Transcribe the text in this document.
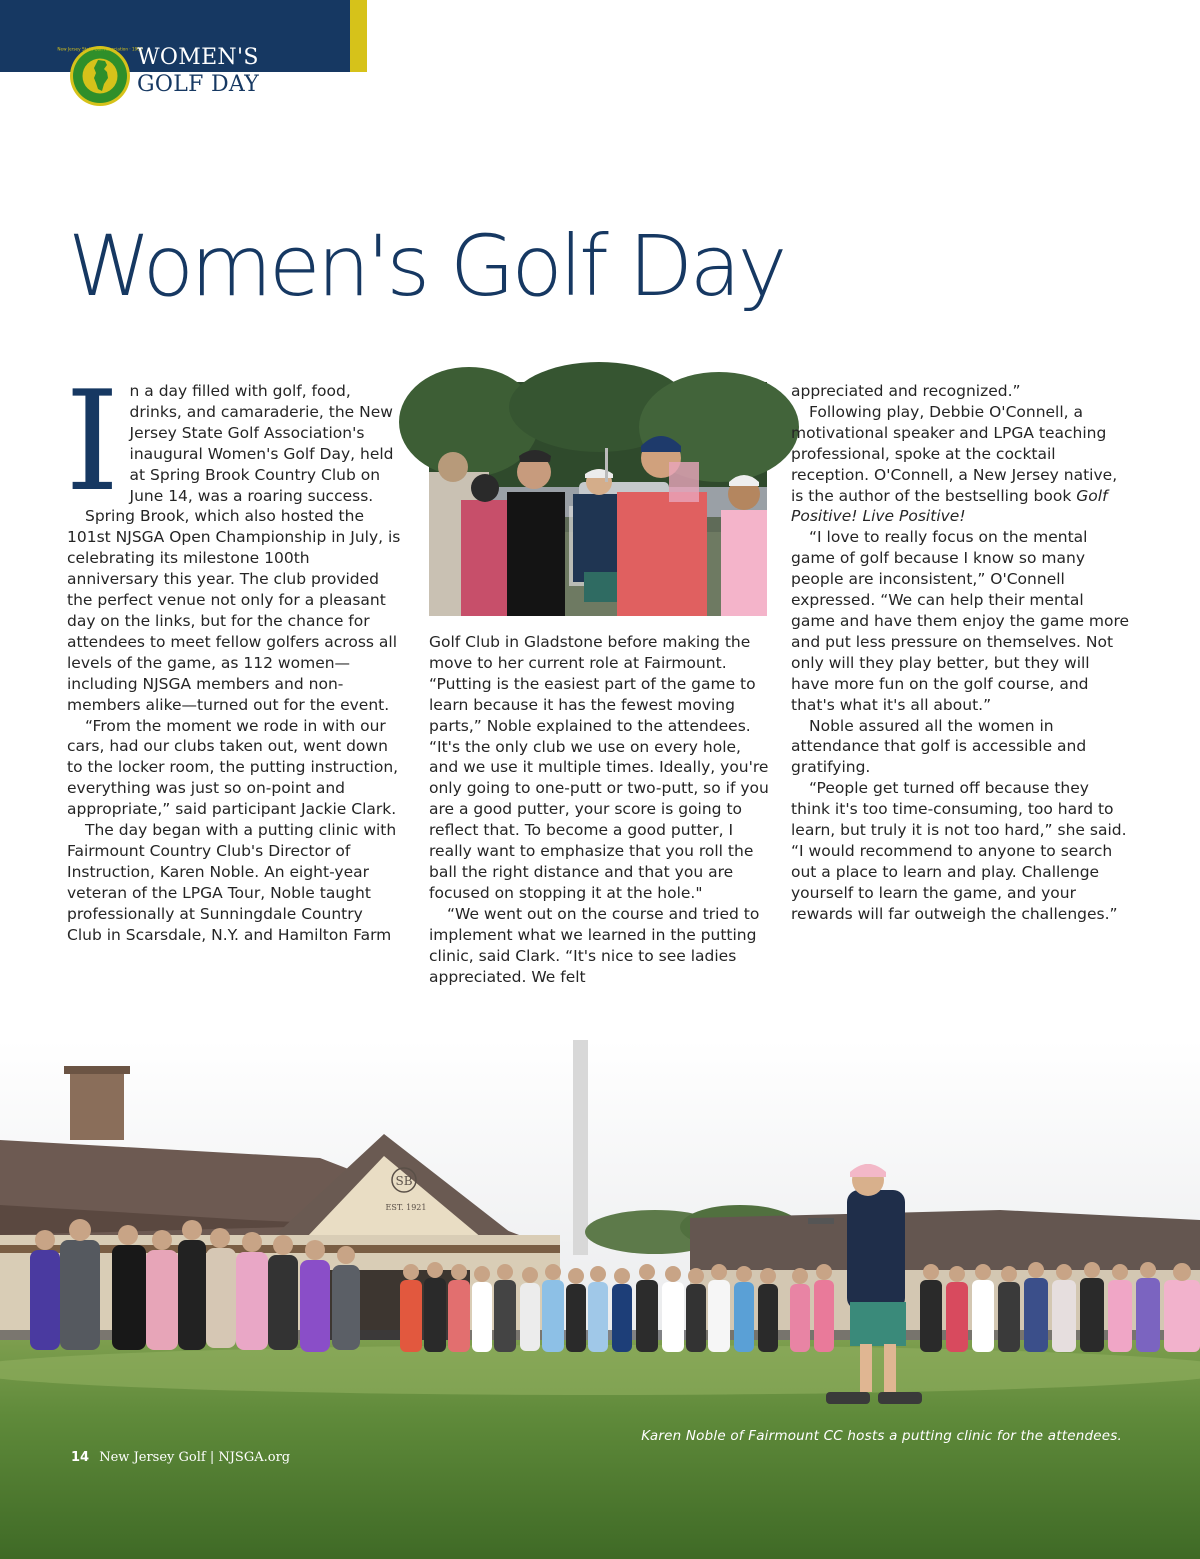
New Jersey State Golf Association · 1900
WOMEN'S
GOLF DAY
Women's Golf Day
I n a day filled with golf, food, drinks, and camaraderie, the New Jersey State Golf Association's inaugural Women's Golf Day, held at Spring Brook Country Club on June 14, was a roaring success.

Spring Brook, which also hosted the 101st NJSGA Open Championship in July, is celebrating its milestone 100th anniversary this year. The club provided the perfect venue not only for a pleasant day on the links, but for the chance for attendees to meet fellow golfers across all levels of the game, as 112 women—including NJSGA members and non-members alike—turned out for the event.

“From the moment we rode in with our cars, had our clubs taken out, went down to the locker room, the putting instruction, everything was just so on-point and appropriate,” said participant Jackie Clark.

The day began with a putting clinic with Fairmount Country Club's Director of Instruction, Karen Noble. An eight-year veteran of the LPGA Tour, Noble taught professionally at Sunningdale Country Club in Scarsdale, N.Y. and Hamilton Farm

Golf Club in Gladstone before making the move to her current role at Fairmount. “Putting is the easiest part of the game to learn because it has the fewest moving parts,” Noble explained to the attendees. “It's the only club we use on every hole, and we use it multiple times. Ideally, you're only going to one-putt or two-putt, so if you are a good putter, your score is going to reflect that. To become a good putter, I really want to emphasize that you roll the ball the right distance and that you are focused on stopping it at the hole."

“We went out on the course and tried to implement what we learned in the putting clinic, said Clark. “It's nice to see ladies appreciated. We felt

appreciated and recognized.”

Following play, Debbie O'Connell, a motivational speaker and LPGA teaching professional, spoke at the cocktail reception. O'Connell, a New Jersey native, is the author of the bestselling book Golf Positive! Live Positive!

“I love to really focus on the mental game of golf because I know so many people are inconsistent,” O'Connell expressed. “We can help their mental game and have them enjoy the game more and put less pressure on themselves. Not only will they play better, but they will have more fun on the golf course, and that's what it's all about.”

Noble assured all the women in attendance that golf is accessible and gratifying.

“People get turned off because they think it's too time-consuming, too hard to learn, but truly it is not too hard,” she said. “I would recommend to anyone to search out a place to learn and play. Challenge yourself to learn the game, and your rewards will far outweigh the challenges.”

SB
EST. 1921
Karen Noble of Fairmount CC hosts a putting clinic for the attendees.
14 New Jersey Golf | NJSGA.org
